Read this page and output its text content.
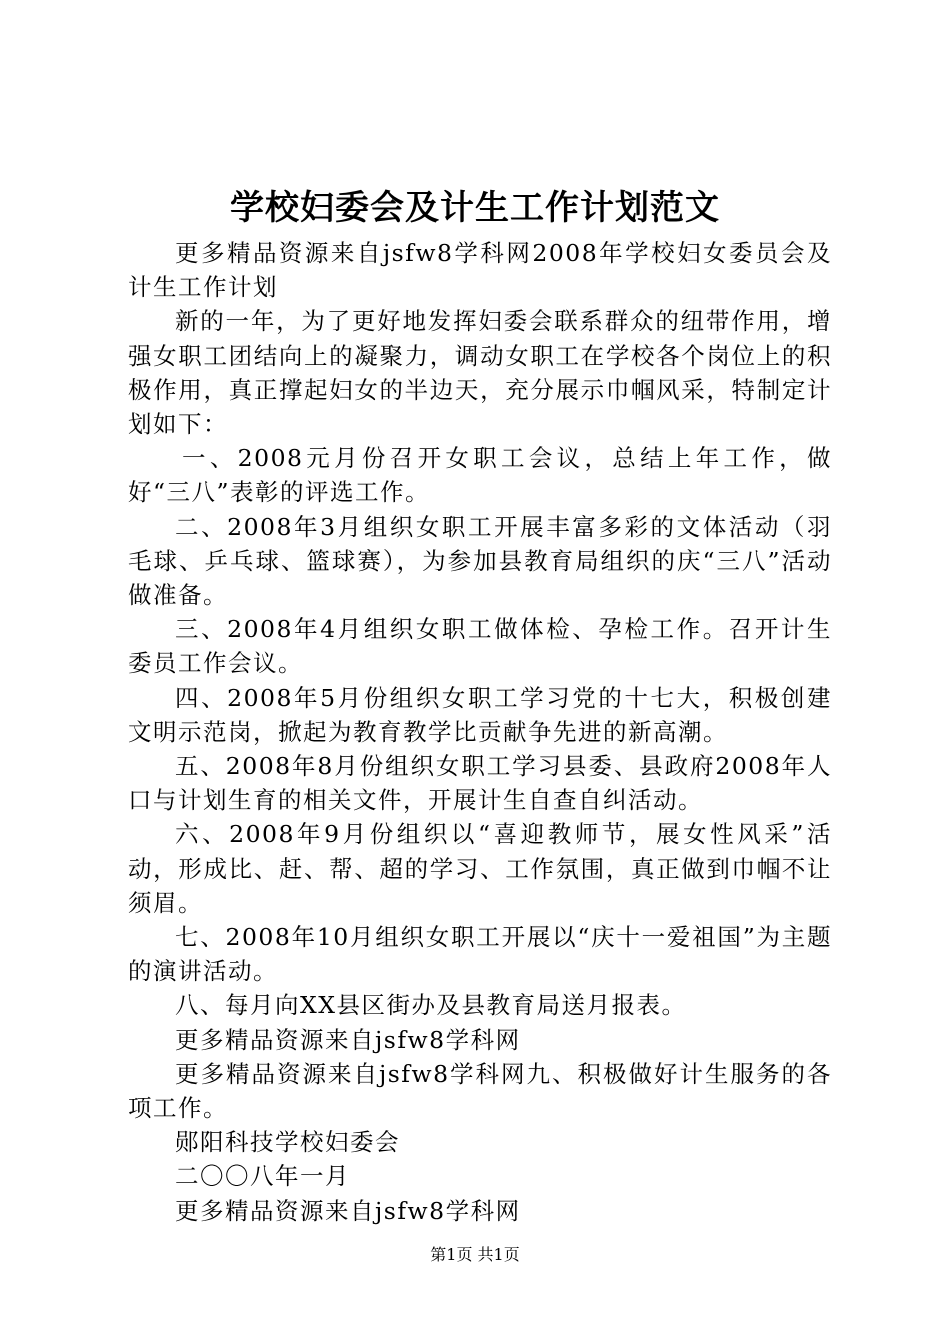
学校妇委会及计生工作计划范文

更多精品资源来自jsfw8学科网2008年学校妇女委员会及计生工作计划

新的一年，为了更好地发挥妇委会联系群众的纽带作用，增强女职工团结向上的凝聚力，调动女职工在学校各个岗位上的积极作用，真正撑起妇女的半边天，充分展示巾帼风采，特制定计划如下：

一、2008元月份召开女职工会议，总结上年工作，做好“三八”表彰的评选工作。

二、2008年3月组织女职工开展丰富多彩的文体活动（羽毛球、乒乓球、篮球赛），为参加县教育局组织的庆“三八”活动做准备。

三、2008年4月组织女职工做体检、孕检工作。召开计生委员工作会议。

四、2008年5月份组织女职工学习党的十七大，积极创建文明示范岗，掀起为教育教学比贡献争先进的新高潮。

五、2008年8月份组织女职工学习县委、县政府2008年人口与计划生育的相关文件，开展计生自查自纠活动。

六、2008年9月份组织以“喜迎教师节，展女性风采”活动，形成比、赶、帮、超的学习、工作氛围，真正做到巾帼不让须眉。

七、2008年10月组织女职工开展以“庆十一爱祖国”为主题的演讲活动。

八、每月向XX县区街办及县教育局送月报表。

更多精品资源来自jsfw8学科网

更多精品资源来自jsfw8学科网九、积极做好计生服务的各项工作。

郧阳科技学校妇委会

二〇〇八年一月

更多精品资源来自jsfw8学科网

第1页 共1页
